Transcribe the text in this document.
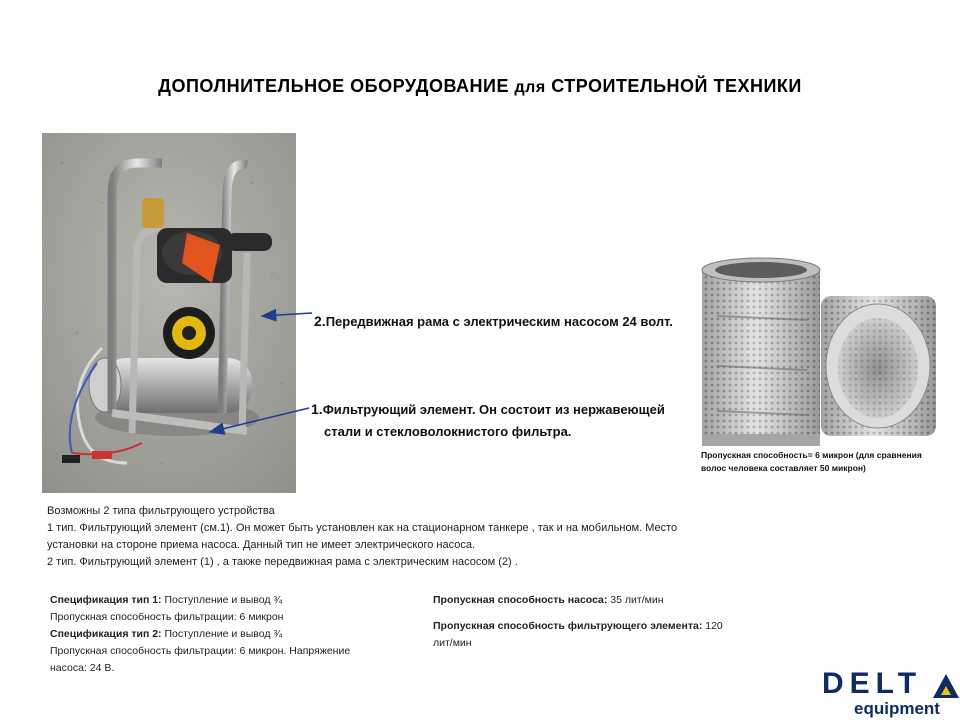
ДОПОЛНИТЕЛЬНОЕ ОБОРУДОВАНИЕ для СТРОИТЕЛЬНОЙ ТЕХНИКИ
2.Передвижная рама с электрическим насосом 24 волт.
1.Фильтрующий элемент. Он состоит из нержавеющей
стали и стекловолокнистого фильтра.
Пропускная способность= 6 микрон (для сравнения
волос человека составляет 50 микрон)
Возможны 2 типа фильтрующего устройства
1 тип. Фильтрующий элемент (см.1). Он может быть установлен как на стационарном танкере , так и на мобильном. Место
установки на стороне приема насоса. Данный тип не имеет электрического насоса.
2 тип. Фильтрующий элемент (1) , а также передвижная рама с электрическим насосом (2) .
Спецификация тип 1: Поступление и вывод ¾
Пропускная способность фильтрации: 6 микрон
Спецификация тип 2: Поступление и вывод ¾
Пропускная способность фильтрации: 6 микрон. Напряжение
насоса: 24 В.
Пропускная способность насоса: 35 лит/мин
Пропускная способность фильтрующего элемента: 120
лит/мин
DELT
equipment
